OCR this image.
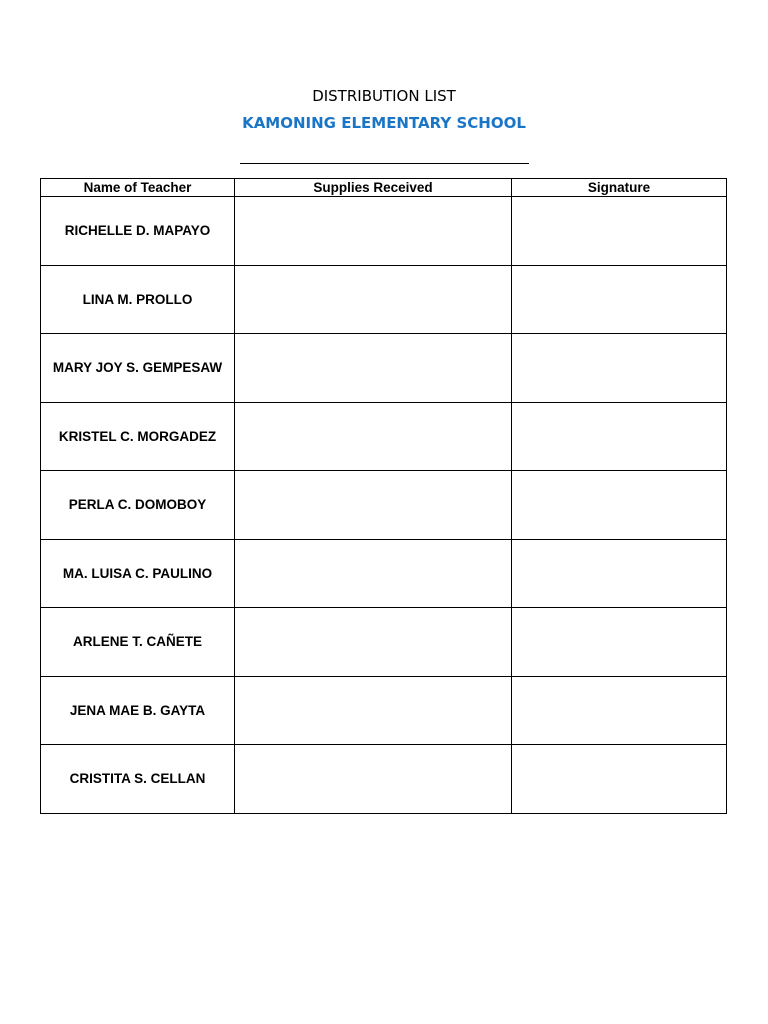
DISTRIBUTION LIST
KAMONING ELEMENTARY SCHOOL
Name of Teacher	Supplies Received	Signature
RICHELLE D. MAPAYO		
LINA M. PROLLO		
MARY JOY S. GEMPESAW		
KRISTEL C. MORGADEZ		
PERLA C. DOMOBOY		
MA. LUISA C. PAULINO		
ARLENE T. CAÑETE		
JENA MAE B. GAYTA		
CRISTITA S. CELLAN		
